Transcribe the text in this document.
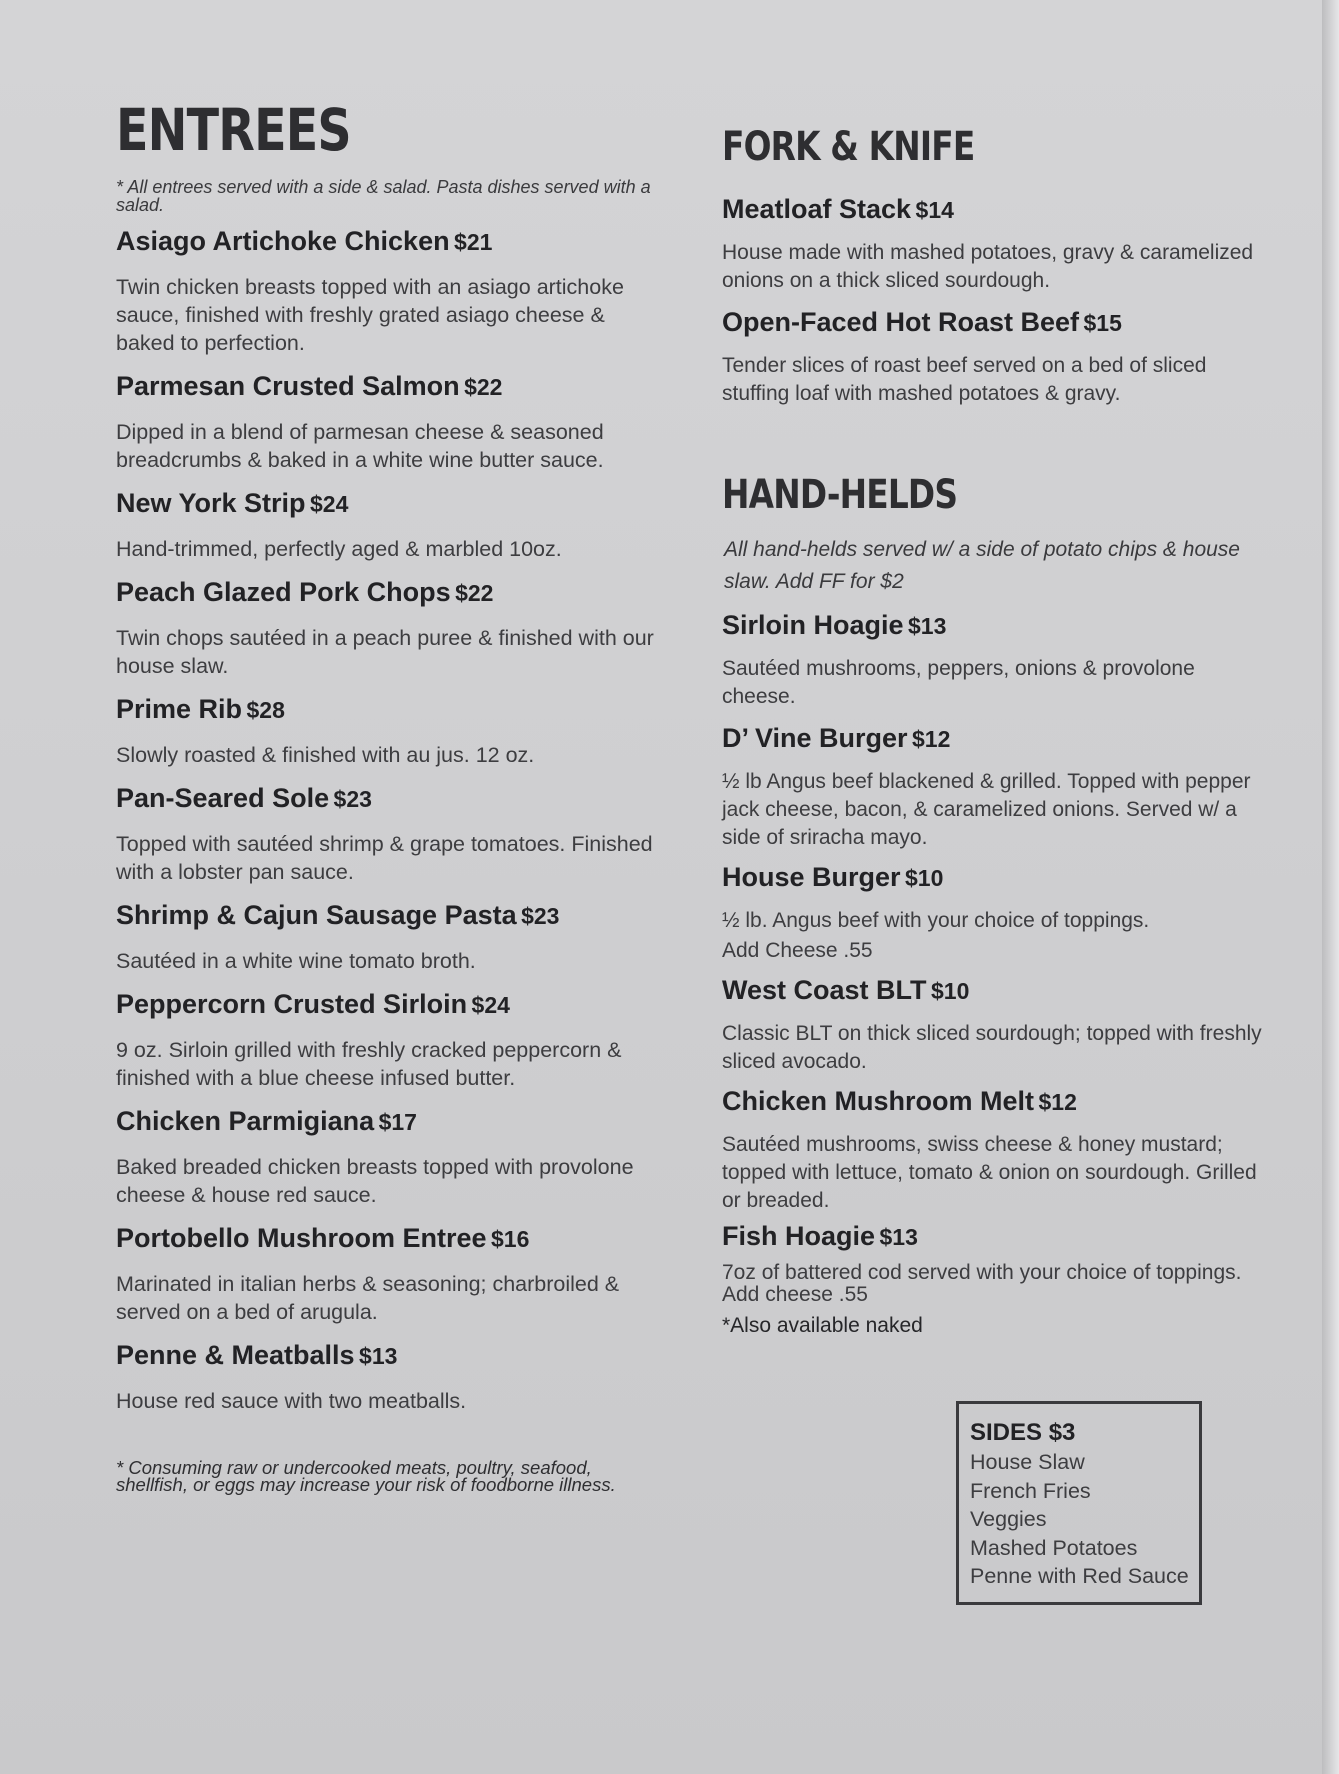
ENTREES
* All entrees served with a side & salad. Pasta dishes served with a salad.
Asiago Artichoke Chicken $21
Twin chicken breasts topped with an asiago artichoke sauce, finished with freshly grated asiago cheese & baked to perfection.
Parmesan Crusted Salmon $22
Dipped in a blend of parmesan cheese & seasoned breadcrumbs & baked in a white wine butter sauce.
New York Strip $24
Hand-trimmed, perfectly aged & marbled 10oz.
Peach Glazed Pork Chops $22
Twin chops sautéed in a peach puree & finished with our house slaw.
Prime Rib $28
Slowly roasted & finished with au jus. 12 oz.
Pan-Seared Sole $23
Topped with sautéed shrimp & grape tomatoes. Finished with a lobster pan sauce.
Shrimp & Cajun Sausage Pasta $23
Sautéed in a white wine tomato broth.
Peppercorn Crusted Sirloin $24
9 oz. Sirloin grilled with freshly cracked peppercorn & finished with a blue cheese infused butter.
Chicken Parmigiana $17
Baked breaded chicken breasts topped with provolone cheese & house red sauce.
Portobello Mushroom Entree $16
Marinated in italian herbs & seasoning; charbroiled & served on a bed of arugula.
Penne & Meatballs $13
House red sauce with two meatballs.
* Consuming raw or undercooked meats, poultry, seafood, shellfish, or eggs may increase your risk of foodborne illness.
FORK & KNIFE
Meatloaf Stack $14
House made with mashed potatoes, gravy & caramelized onions on a thick sliced sourdough.
Open-Faced Hot Roast Beef $15
Tender slices of roast beef served on a bed of sliced stuffing loaf with mashed potatoes & gravy.
HAND-HELDS
All hand-helds served w/ a side of potato chips & house slaw. Add FF for $2
Sirloin Hoagie $13
Sautéed mushrooms, peppers, onions & provolone cheese.
D’ Vine Burger $12
½ lb Angus beef blackened & grilled. Topped with pepper jack cheese, bacon, & caramelized onions. Served w/ a side of sriracha mayo.
House Burger $10
½ lb. Angus beef with your choice of toppings.
Add Cheese .55
West Coast BLT $10
Classic BLT on thick sliced sourdough; topped with freshly sliced avocado.
Chicken Mushroom Melt $12
Sautéed mushrooms, swiss cheese & honey mustard; topped with lettuce, tomato & onion on sourdough. Grilled or breaded.
Fish Hoagie $13
7oz of battered cod served with your choice of toppings. Add cheese .55
*Also available naked
SIDES $3
House Slaw
French Fries
Veggies
Mashed Potatoes
Penne with Red Sauce
